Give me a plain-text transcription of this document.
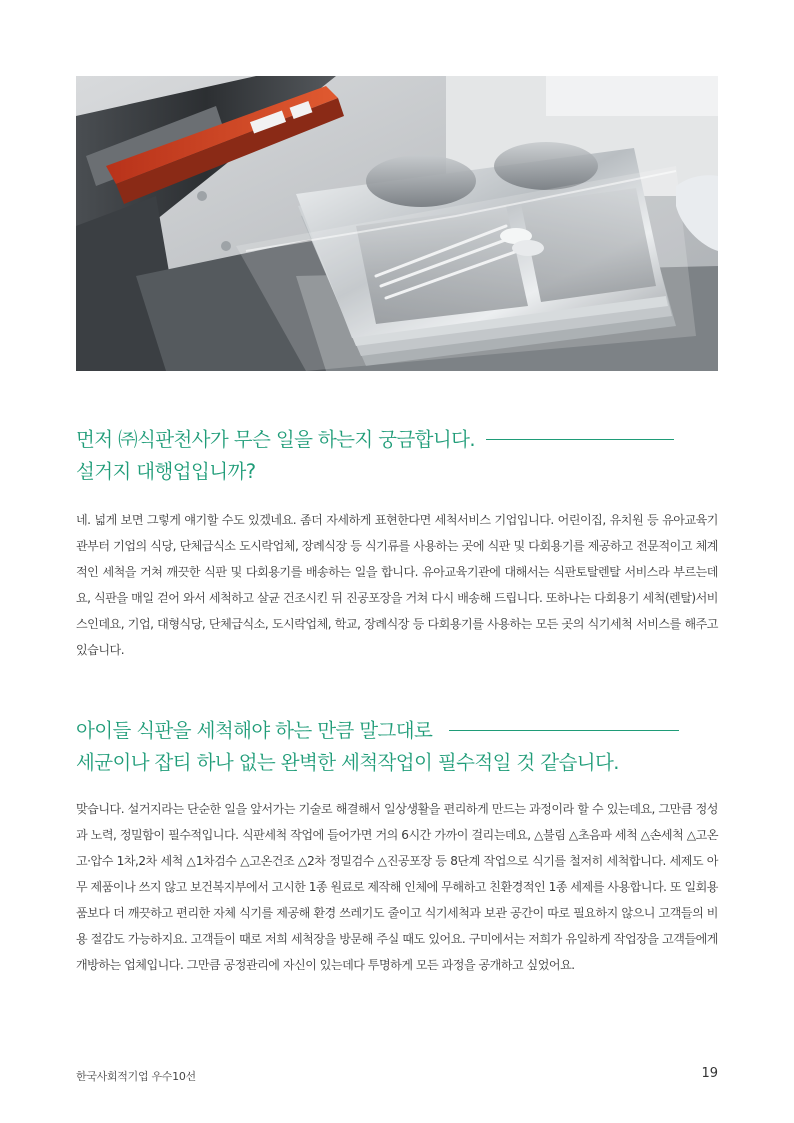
먼저 ㈜식판천사가 무슨 일을 하는지 궁금합니다.
설거지 대행업입니까?

네. 넓게 보면 그렇게 얘기할 수도 있겠네요. 좀더 자세하게 표현한다면 세척서비스 기업입니다. 어린이집, 유치원 등 유아교육기관부터 기업의 식당, 단체급식소 도시락업체, 장례식장 등 식기류를 사용하는 곳에 식판 및 다회용기를 제공하고 전문적이고 체계적인 세척을 거쳐 깨끗한 식판 및 다회용기를 배송하는 일을 합니다. 유아교육기관에 대해서는 식판토탈렌탈 서비스라 부르는데요, 식판을 매일 걷어 와서 세척하고 살균 건조시킨 뒤 진공포장을 거쳐 다시 배송해 드립니다. 또하나는 다회용기 세척(렌탈)서비스인데요, 기업, 대형식당, 단체급식소, 도시락업체, 학교, 장례식장 등 다회용기를 사용하는 모든 곳의 식기세척 서비스를 해주고 있습니다.

아이들 식판을 세척해야 하는 만큼 말그대로
세균이나 잡티 하나 없는 완벽한 세척작업이 필수적일 것 같습니다.

맞습니다. 설거지라는 단순한 일을 앞서가는 기술로 해결해서 일상생활을 편리하게 만드는 과정이라 할 수 있는데요, 그만큼 정성과 노력, 정밀함이 필수적입니다. 식판세척 작업에 들어가면 거의 6시간 가까이 걸리는데요, △불림 △초음파 세척 △손세척 △고온고·압수 1차,2차 세척 △1차검수 △고온건조 △2차 정밀검수 △진공포장 등 8단계 작업으로 식기를 철저히 세척합니다. 세제도 아무 제품이나 쓰지 않고 보건복지부에서 고시한 1종 원료로 제작해 인체에 무해하고 친환경적인 1종 세제를 사용합니다. 또 일회용품보다 더 깨끗하고 편리한 자체 식기를 제공해 환경 쓰레기도 줄이고 식기세척과 보관 공간이 따로 필요하지 않으니 고객들의 비용 절감도 가능하지요. 고객들이 때로 저희 세척장을 방문해 주실 때도 있어요. 구미에서는 저희가 유일하게 작업장을 고객들에게 개방하는 업체입니다. 그만큼 공정관리에 자신이 있는데다 투명하게 모든 과정을 공개하고 싶었어요.

한국사회적기업 우수10선	19
